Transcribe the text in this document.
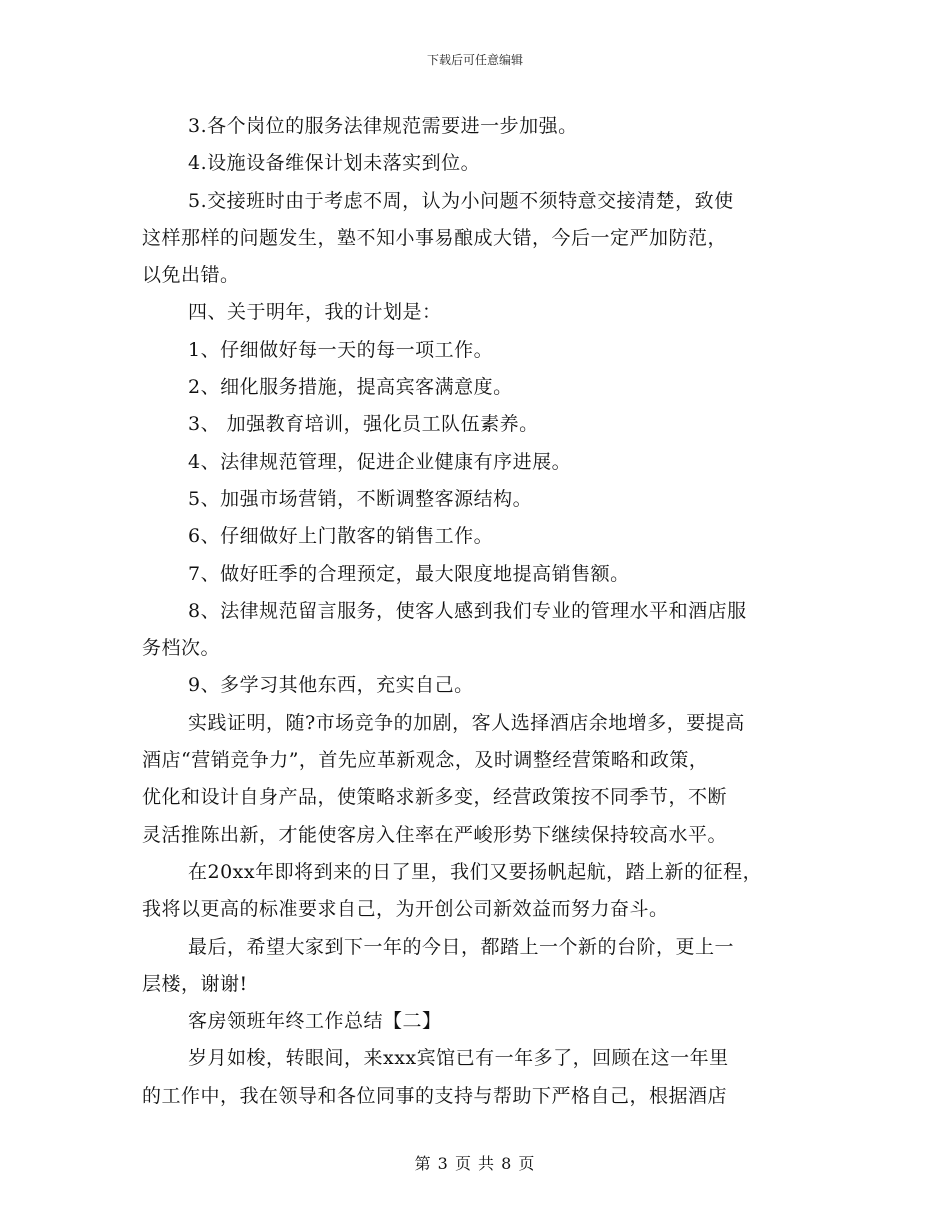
下载后可任意编辑
3.各个岗位的服务法律规范需要进一步加强。
4.设施设备维保计划未落实到位。
5.交接班时由于考虑不周，认为小问题不须特意交接清楚，致使
这样那样的问题发生，塾不知小事易酿成大错，今后一定严加防范，
以免出错。
四、关于明年，我的计划是：
1、仔细做好每一天的每一项工作。
2、细化服务措施，提高宾客满意度。
3、 加强教育培训，强化员工队伍素养。
4、法律规范管理，促进企业健康有序进展。
5、加强市场营销，不断调整客源结构。
6、仔细做好上门散客的销售工作。
7、做好旺季的合理预定，最大限度地提高销售额。
8、法律规范留言服务，使客人感到我们专业的管理水平和酒店服
务档次。
9、多学习其他东西，充实自己。
实践证明，随?市场竞争的加剧，客人选择酒店余地增多，要提高
酒店“营销竞争力”，首先应革新观念，及时调整经营策略和政策，
优化和设计自身产品，使策略求新多变，经营政策按不同季节，不断
灵活推陈出新，才能使客房入住率在严峻形势下继续保持较高水平。
在20xx年即将到来的日了里，我们又要扬帆起航，踏上新的征程，
我将以更高的标准要求自己，为开创公司新效益而努力奋斗。
最后，希望大家到下一年的今日，都踏上一个新的台阶，更上一
层楼，谢谢!
客房领班年终工作总结【二】
岁月如梭，转眼间，来xxx宾馆已有一年多了，回顾在这一年里
的工作中，我在领导和各位同事的支持与帮助下严格自己，根据酒店
第 3 页 共 8 页
